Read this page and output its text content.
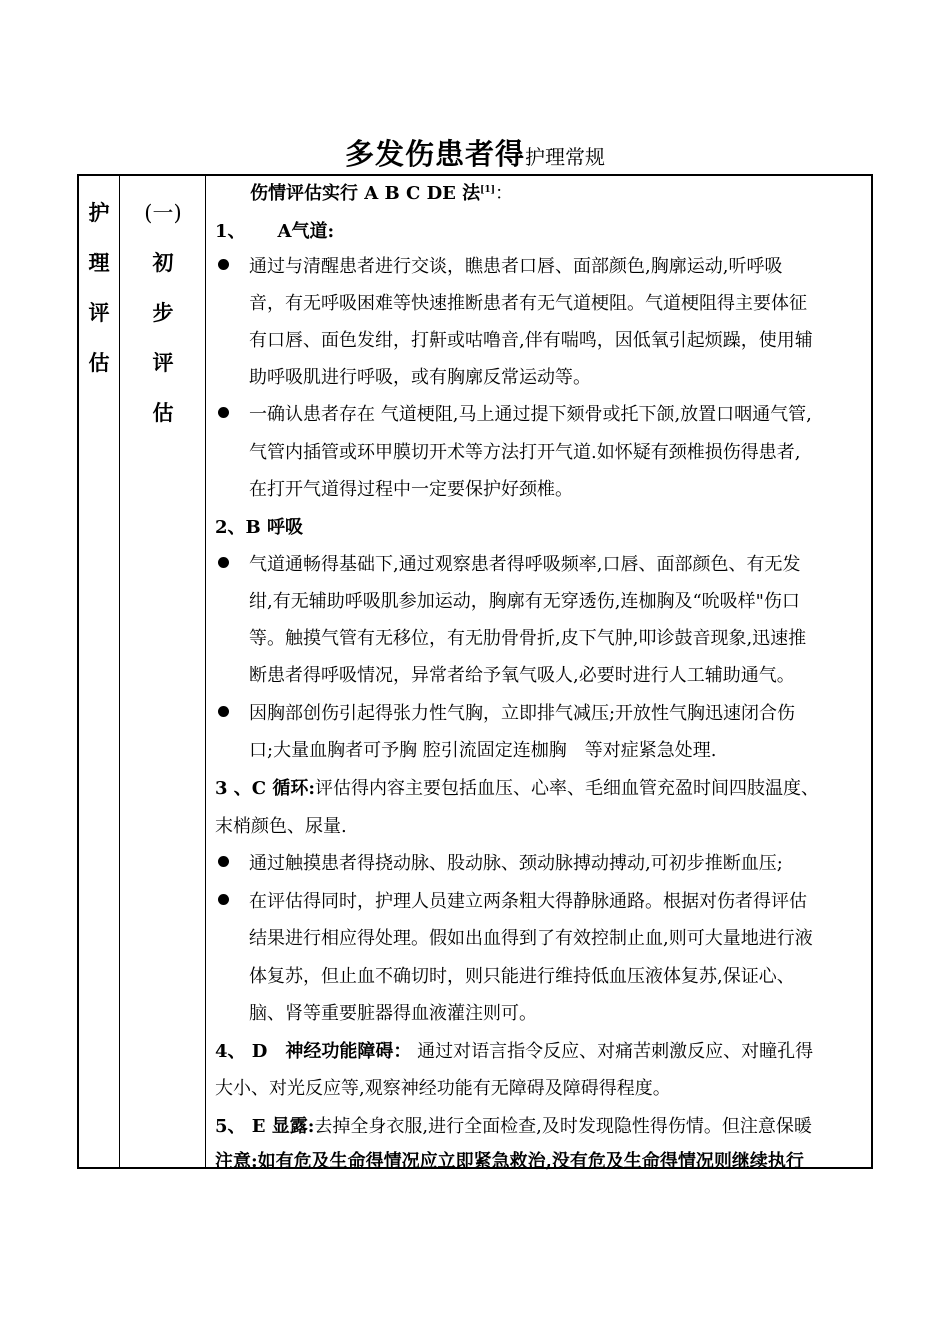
多发伤患者得护理常规
护
理
评
估
(一)
初
步
评
估
伤情评估实行 A B C DE 法[1]：
1、 A气道:
通过与清醒患者进行交谈，瞧患者口唇、面部颜色,胸廓运动,听呼吸
音，有无呼吸困难等快速推断患者有无气道梗阻。气道梗阻得主要体征
有口唇、面色发绀，打鼾或咕噜音,伴有喘鸣，因低氧引起烦躁，使用辅
助呼吸肌进行呼吸，或有胸廓反常运动等。
一确认患者存在 气道梗阻,马上通过提下颏骨或托下颌,放置口咽通气管,
气管内插管或环甲膜切开术等方法打开气道.如怀疑有颈椎损伤得患者,
在打开气道得过程中一定要保护好颈椎。
2、B 呼吸
气道通畅得基础下,通过观察患者得呼吸频率,口唇、面部颜色、有无发
绀,有无辅助呼吸肌参加运动，胸廓有无穿透伤,连枷胸及“吮吸样"伤口
等。触摸气管有无移位，有无肋骨骨折,皮下气肿,叩诊鼓音现象,迅速推
断患者得呼吸情况，异常者给予氧气吸人,必要时进行人工辅助通气。
因胸部创伤引起得张力性气胸，立即排气减压;开放性气胸迅速闭合伤
口;大量血胸者可予胸 腔引流固定连枷胸　等对症紧急处理.
3 、C 循环:评估得内容主要包括血压、心率、毛细血管充盈时间四肢温度、
末梢颜色、尿量.
通过触摸患者得挠动脉、股动脉、颈动脉搏动搏动,可初步推断血压;
在评估得同时，护理人员建立两条粗大得静脉通路。根据对伤者得评估
结果进行相应得处理。假如出血得到了有效控制止血,则可大量地进行液
体复苏，但止血不确切时，则只能进行维持低血压液体复苏,保证心、
脑、肾等重要脏器得血液灌注则可。
4、 D　神经功能障碍： 通过对语言指令反应、对痛苦刺激反应、对瞳孔得
大小、对光反应等,观察神经功能有无障碍及障碍得程度。
5、 E 显露:去掉全身衣服,进行全面检查,及时发现隐性得伤情。但注意保暖
注意:如有危及生命得情况应立即紧急救治,没有危及生命得情况则继续执行
